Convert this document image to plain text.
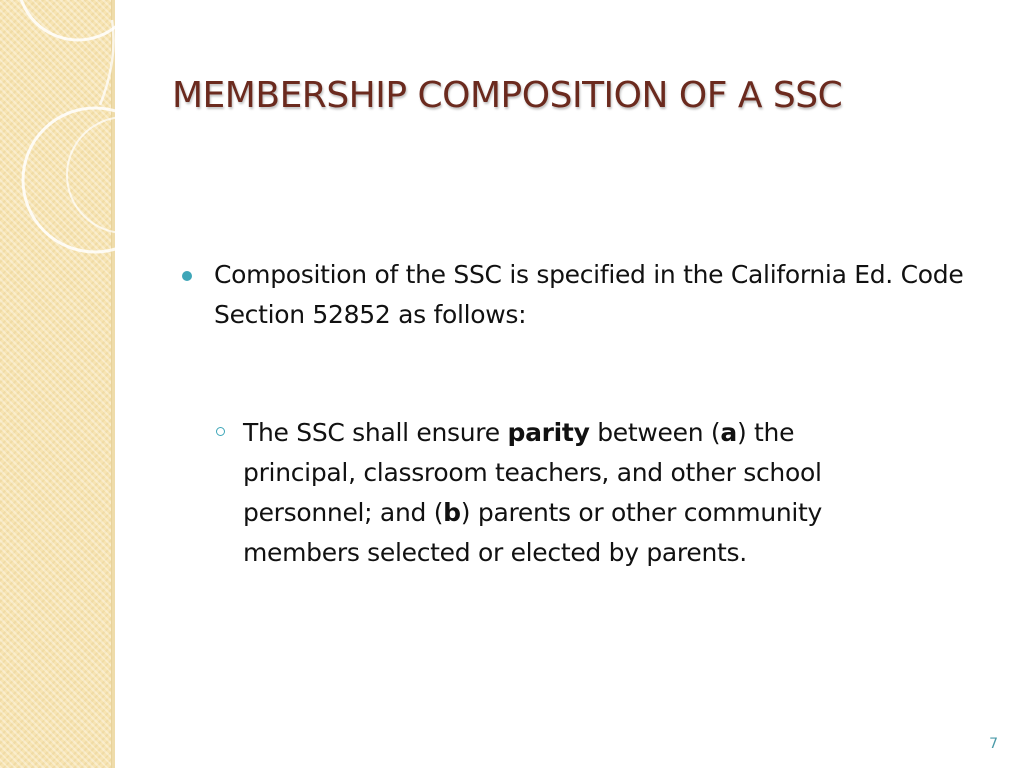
MEMBERSHIP COMPOSITION OF A SSC
Composition of the SSC is specified in the California Ed. Code Section 52852 as follows:
The SSC shall ensure parity between (a) the principal, classroom teachers, and other school personnel; and (b) parents or other community members selected or elected by parents.
7
